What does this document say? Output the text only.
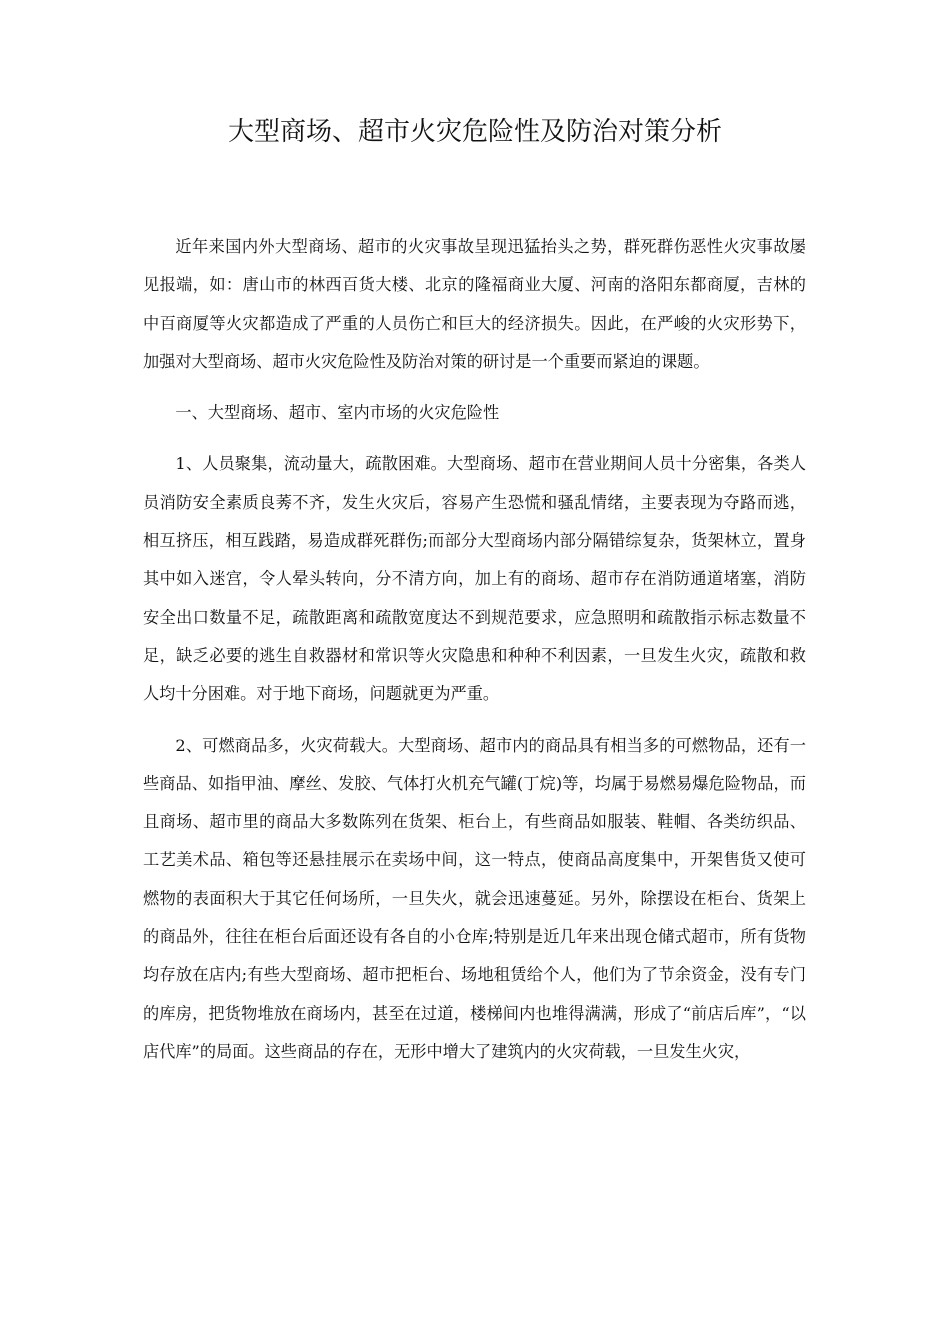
大型商场、超市火灾危险性及防治对策分析

近年来国内外大型商场、超市的火灾事故呈现迅猛抬头之势，群死群伤恶性火灾事故屡见报端，如：唐山市的林西百货大楼、北京的隆福商业大厦、河南的洛阳东都商厦，吉林的中百商厦等火灾都造成了严重的人员伤亡和巨大的经济损失。因此，在严峻的火灾形势下，加强对大型商场、超市火灾危险性及防治对策的研讨是一个重要而紧迫的课题。

一、大型商场、超市、室内市场的火灾危险性

1、人员聚集，流动量大，疏散困难。大型商场、超市在营业期间人员十分密集，各类人员消防安全素质良莠不齐，发生火灾后，容易产生恐慌和骚乱情绪，主要表现为夺路而逃，相互挤压，相互践踏，易造成群死群伤;而部分大型商场内部分隔错综复杂，货架林立，置身其中如入迷宫，令人晕头转向，分不清方向，加上有的商场、超市存在消防通道堵塞，消防安全出口数量不足，疏散距离和疏散宽度达不到规范要求，应急照明和疏散指示标志数量不足，缺乏必要的逃生自救器材和常识等火灾隐患和种种不利因素，一旦发生火灾，疏散和救人均十分困难。对于地下商场，问题就更为严重。

2、可燃商品多，火灾荷载大。大型商场、超市内的商品具有相当多的可燃物品，还有一些商品、如指甲油、摩丝、发胶、气体打火机充气罐(丁烷)等，均属于易燃易爆危险物品，而且商场、超市里的商品大多数陈列在货架、柜台上，有些商品如服装、鞋帽、各类纺织品、工艺美术品、箱包等还悬挂展示在卖场中间，这一特点，使商品高度集中，开架售货又使可燃物的表面积大于其它任何场所，一旦失火，就会迅速蔓延。另外，除摆设在柜台、货架上的商品外，往往在柜台后面还设有各自的小仓库;特别是近几年来出现仓储式超市，所有货物均存放在店内;有些大型商场、超市把柜台、场地租赁给个人，他们为了节余资金，没有专门的库房，把货物堆放在商场内，甚至在过道，楼梯间内也堆得满满，形成了“前店后库”，“以店代库”的局面。这些商品的存在，无形中增大了建筑内的火灾荷载，一旦发生火灾，
